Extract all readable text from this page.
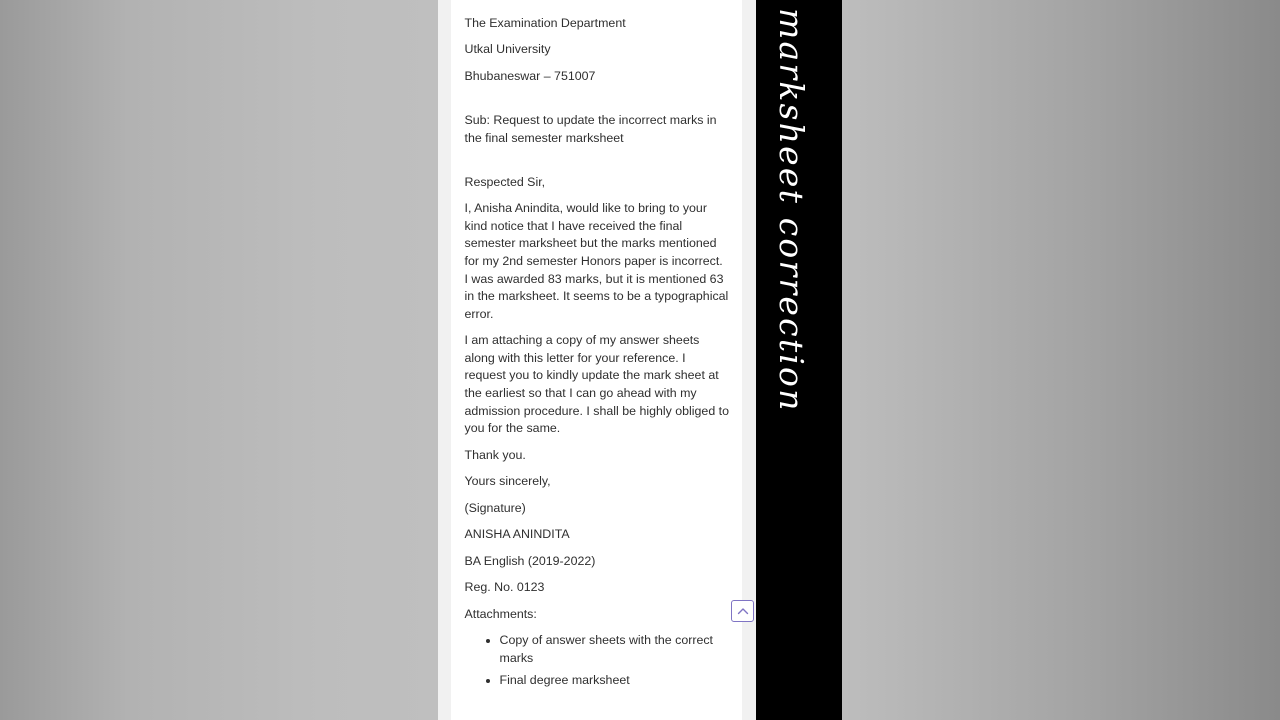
The Examination Department

Utkal University

Bhubaneswar – 751007

Sub: Request to update the incorrect marks in the final semester marksheet

Respected Sir,

I, Anisha Anindita, would like to bring to your kind notice that I have received the final semester marksheet but the marks mentioned for my 2nd semester Honors paper is incorrect. I was awarded 83 marks, but it is mentioned 63 in the marksheet. It seems to be a typographical error.

I am attaching a copy of my answer sheets along with this letter for your reference. I request you to kindly update the mark sheet at the earliest so that I can go ahead with my admission procedure. I shall be highly obliged to you for the same.

Thank you.

Yours sincerely,

(Signature)

ANISHA ANINDITA

BA English (2019-2022)

Reg. No. 0123

Attachments:

• Copy of answer sheets with the correct marks
• Final degree marksheet
marksheet correction
